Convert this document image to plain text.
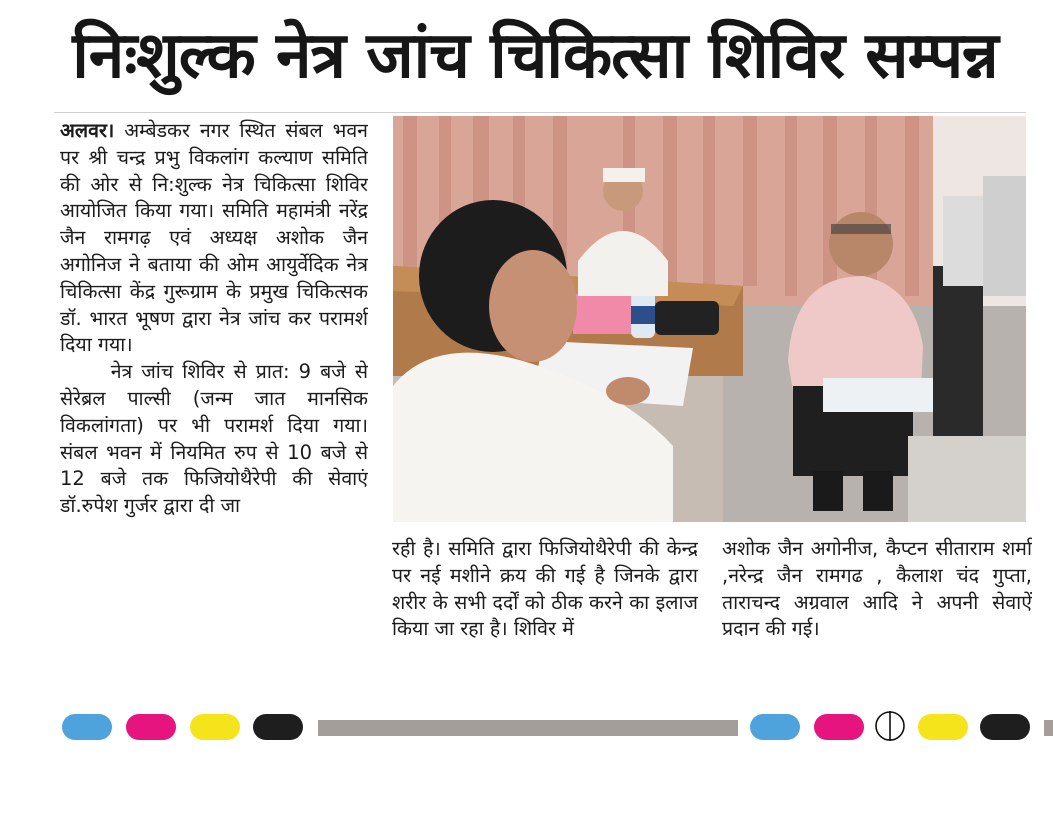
निःशुल्क नेत्र जांच चिकित्सा शिविर सम्पन्न

अलवर। अम्बेडकर नगर स्थित संबल भवन पर श्री चन्द्र प्रभु विकलांग कल्याण समिति की ओर से नि:शुल्क नेत्र चिकित्सा शिविर आयोजित किया गया। समिति महामंत्री नरेंद्र जैन रामगढ़ एवं अध्यक्ष अशोक जैन अगोनिज ने बताया की ओम आयुर्वेदिक नेत्र चिकित्सा केंद्र गुरूग्राम के प्रमुख चिकित्सक डॉ. भारत भूषण द्वारा नेत्र जांच कर परामर्श दिया गया।

नेत्र जांच शिविर से प्रात: 9 बजे से सेरेब्रल पाल्सी (जन्म जात मानसिक विकलांगता) पर भी परामर्श दिया गया। संबल भवन में नियमित रुप से 10 बजे से 12 बजे तक फिजियोथैरेपी की सेवाएं डॉ.रुपेश गुर्जर द्वारा दी जा

रही है। समिति द्वारा फिजियोथैरेपी की केन्द्र पर नई मशीने क्रय की गई है जिनके द्वारा शरीर के सभी दर्दों को ठीक करने का इलाज किया जा रहा है। शिविर में

अशोक जैन अगोनीज, कैप्टन सीताराम शर्मा ,नरेन्द्र जैन रामगढ , कैलाश चंद गुप्ता, ताराचन्द अग्रवाल आदि ने अपनी सेवाऐं प्रदान की गई।
